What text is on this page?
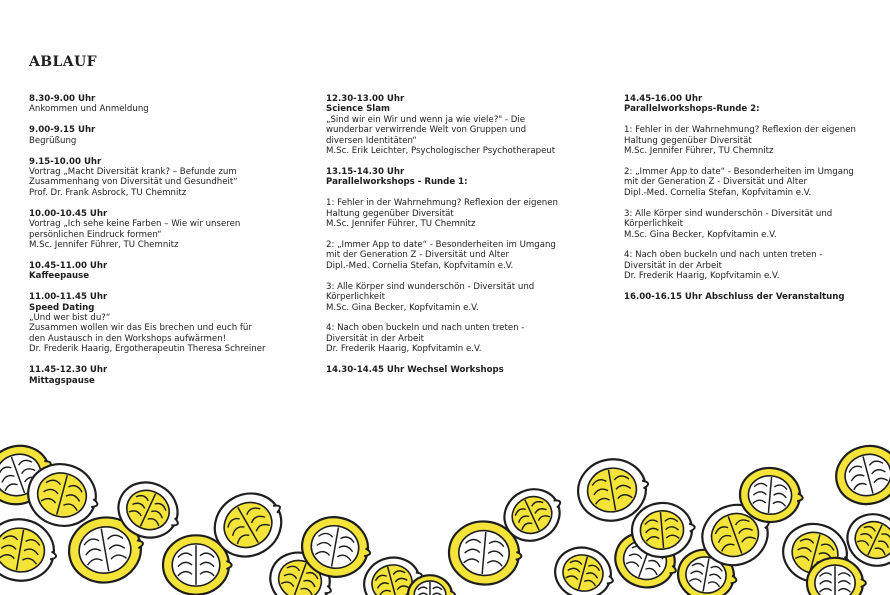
ABLAUF
8.30-9.00 Uhr
Ankommen und Anmeldung
9.00-9.15 Uhr
Begrüßung
9.15-10.00 Uhr
Vortrag „Macht Diversität krank? – Befunde zum
Zusammenhang von Diversität und Gesundheit“
Prof. Dr. Frank Asbrock, TU Chemnitz
10.00-10.45 Uhr
Vortrag „Ich sehe keine Farben – Wie wir unseren
persönlichen Eindruck formen“
M.Sc. Jennifer Führer, TU Chemnitz
10.45-11.00 Uhr
Kaffeepause
11.00-11.45 Uhr
Speed Dating
„Und wer bist du?“
Zusammen wollen wir das Eis brechen und euch für
den Austausch in den Workshops aufwärmen!
Dr. Frederik Haarig, Ergotherapeutin Theresa Schreiner
11.45-12.30 Uhr
Mittagspause
12.30-13.00 Uhr
Science Slam
„Sind wir ein Wir und wenn ja wie viele?" - Die
wunderbar verwirrende Welt von Gruppen und
diversen Identitäten“
M.Sc. Erik Leichter, Psychologischer Psychotherapeut
13.15-14.30 Uhr
Parallelworkshops - Runde 1:
1: Fehler in der Wahrnehmung? Reflexion der eigenen
Haltung gegenüber Diversität
M.Sc. Jennifer Führer, TU Chemnitz
2: „Immer App to date“ - Besonderheiten im Umgang
mit der Generation Z - Diversität und Alter
Dipl.-Med. Cornelia Stefan, Kopfvitamin e.V.
3: Alle Körper sind wunderschön - Diversität und
Körperlichkeit
M.Sc. Gina Becker, Kopfvitamin e.V.
4: Nach oben buckeln und nach unten treten -
Diversität in der Arbeit
Dr. Frederik Haarig, Kopfvitamin e.V.
14.30-14.45 Uhr Wechsel Workshops
14.45-16.00 Uhr
Parallelworkshops-Runde 2:
1: Fehler in der Wahrnehmung? Reflexion der eigenen
Haltung gegenüber Diversität
M.Sc. Jennifer Führer, TU Chemnitz
2: „Immer App to date“ - Besonderheiten im Umgang
mit der Generation Z - Diversität und Alter
Dipl.-Med. Cornelia Stefan, Kopfvitamin e.V.
3: Alle Körper sind wunderschön - Diversität und
Körperlichkeit
M.Sc. Gina Becker, Kopfvitamin e.V.
4: Nach oben buckeln und nach unten treten -
Diversität in der Arbeit
Dr. Frederik Haarig, Kopfvitamin e.V.
16.00-16.15 Uhr Abschluss der Veranstaltung
